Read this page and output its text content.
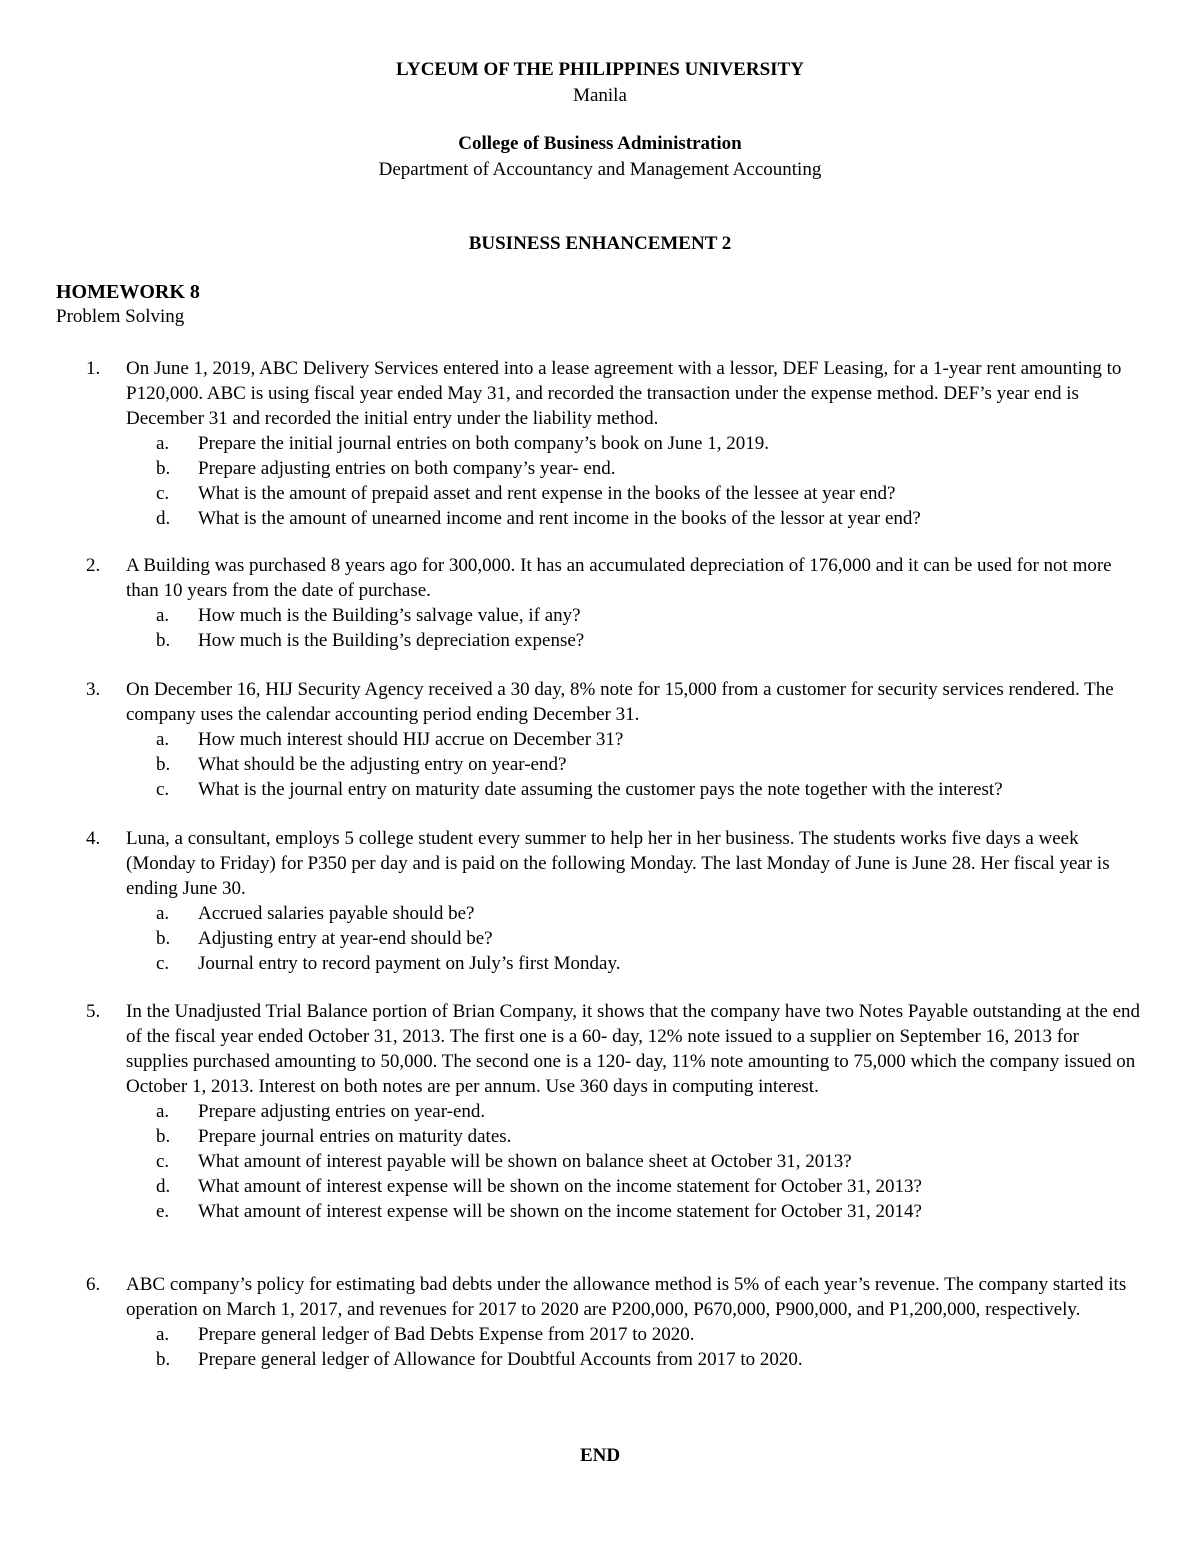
LYCEUM OF THE PHILIPPINES UNIVERSITY
Manila
College of Business Administration
Department of Accountancy and Management Accounting
BUSINESS ENHANCEMENT 2
HOMEWORK 8
Problem Solving
1.	On June 1, 2019, ABC Delivery Services entered into a lease agreement with a lessor, DEF Leasing, for a 1-year rent amounting to P120,000. ABC is using fiscal year ended May 31, and recorded the transaction under the expense method. DEF’s year end is December 31 and recorded the initial entry under the liability method.
a. Prepare the initial journal entries on both company’s book on June 1, 2019.
b. Prepare adjusting entries on both company’s year- end.
c. What is the amount of prepaid asset and rent expense in the books of the lessee at year end?
d. What is the amount of unearned income and rent income in the books of the lessor at year end?
2.	A Building was purchased 8 years ago for 300,000. It has an accumulated depreciation of 176,000 and it can be used for not more than 10 years from the date of purchase.
a. How much is the Building’s salvage value, if any?
b. How much is the Building’s depreciation expense?
3.	On December 16, HIJ Security Agency received a 30 day, 8% note for 15,000 from a customer for security services rendered. The company uses the calendar accounting period ending December 31.
a. How much interest should HIJ accrue on December 31?
b. What should be the adjusting entry on year-end?
c. What is the journal entry on maturity date assuming the customer pays the note together with the interest?
4.	Luna, a consultant, employs 5 college student every summer to help her in her business. The students works five days a week (Monday to Friday) for P350 per day and is paid on the following Monday. The last Monday of June is June 28. Her fiscal year is ending June 30.
a. Accrued salaries payable should be?
b. Adjusting entry at year-end should be?
c. Journal entry to record payment on July’s first Monday.
5.	In the Unadjusted Trial Balance portion of Brian Company, it shows that the company have two Notes Payable outstanding at the end of the fiscal year ended October 31, 2013. The first one is a 60- day, 12% note issued to a supplier on September 16, 2013 for supplies purchased amounting to 50,000. The second one is a 120- day, 11% note amounting to 75,000 which the company issued on October 1, 2013. Interest on both notes are per annum. Use 360 days in computing interest.
a. Prepare adjusting entries on year-end.
b. Prepare journal entries on maturity dates.
c. What amount of interest payable will be shown on balance sheet at October 31, 2013?
d. What amount of interest expense will be shown on the income statement for October 31, 2013?
e. What amount of interest expense will be shown on the income statement for October 31, 2014?
6.	ABC company’s policy for estimating bad debts under the allowance method is 5% of each year’s revenue. The company started its operation on March 1, 2017, and revenues for 2017 to 2020 are P200,000, P670,000, P900,000, and P1,200,000, respectively.
a. Prepare general ledger of Bad Debts Expense from 2017 to 2020.
b. Prepare general ledger of Allowance for Doubtful Accounts from 2017 to 2020.
END
